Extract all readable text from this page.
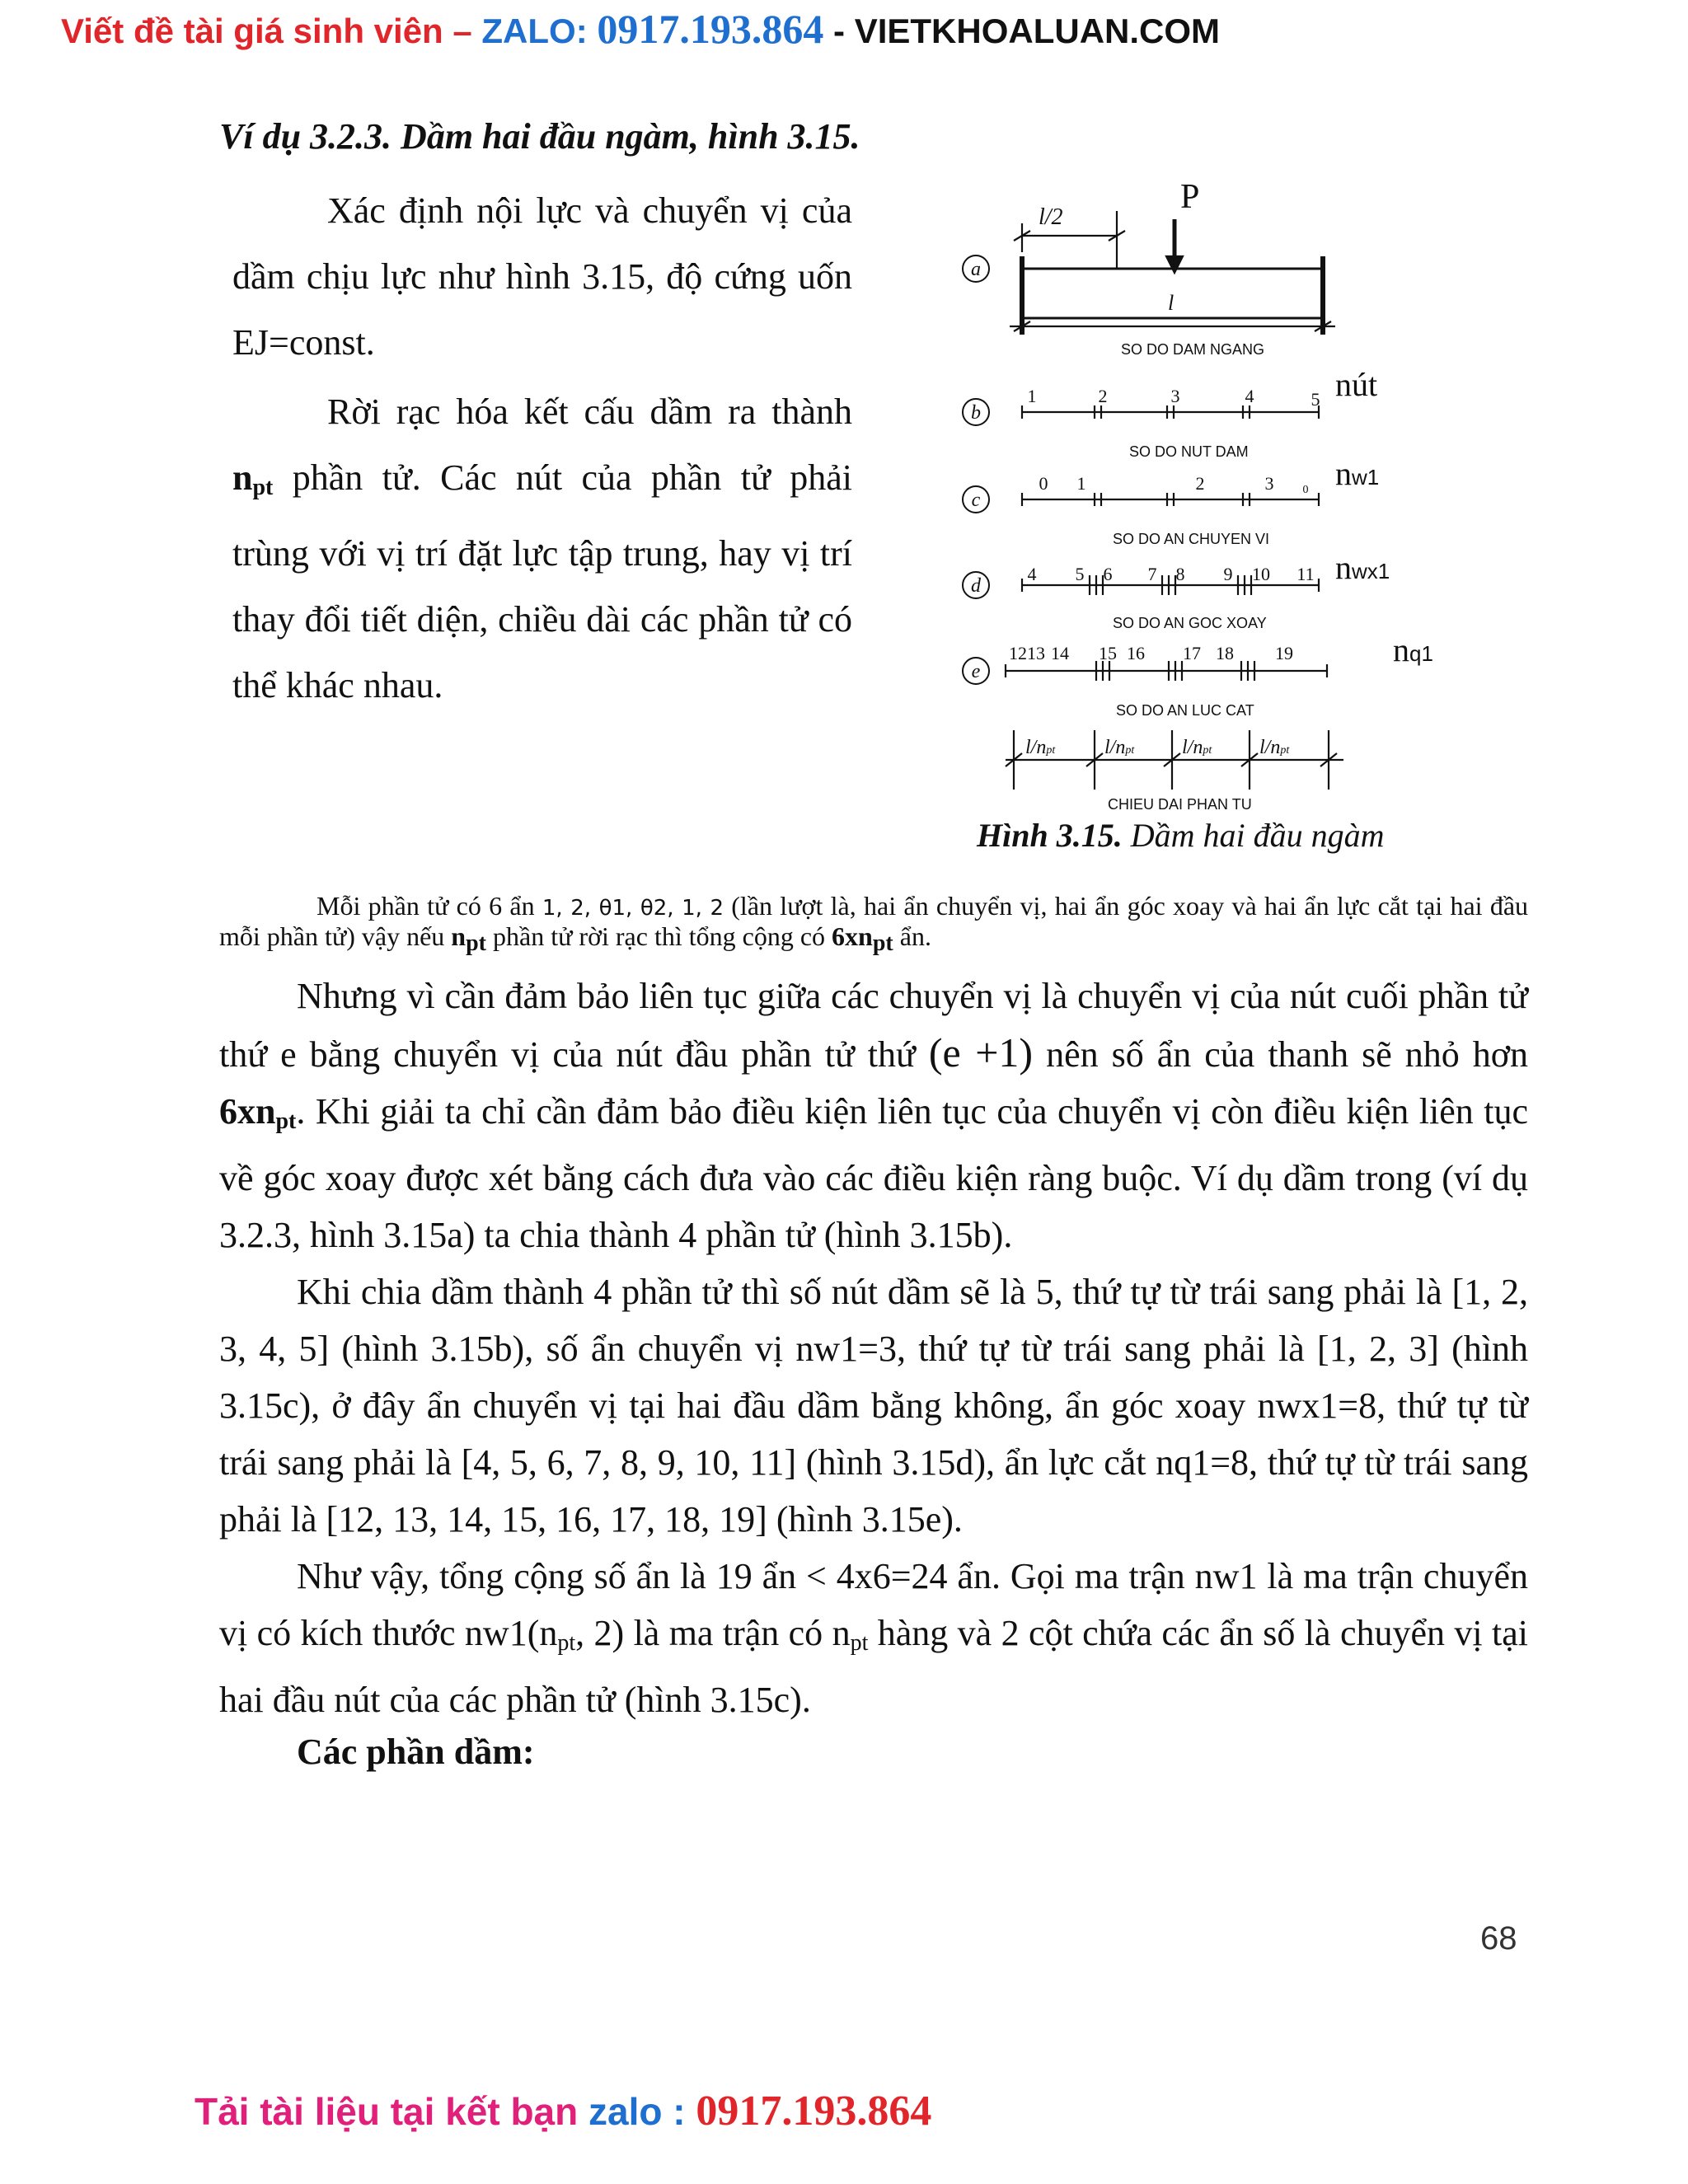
Viết đề tài giá sinh viên – ZALO: 0917.193.864 - VIETKHOALUAN.COM
Ví dụ 3.2.3. Dầm hai đầu ngàm, hình 3.15.

Xác định nội lực và chuyển vị của dầm chịu lực như hình 3.15, độ cứng uốn EJ=const.

Rời rạc hóa kết cấu dầm ra thành $n_{pt}$ phần tử. Các nút của phần tử phải trùng với vị trí đặt lực tập trung, hay vị trí thay đổi tiết diện, chiều dài các phần tử có thể khác nhau.

l/2
P
l
SO DO DAM NGANG
a
b
c
d
e
1	2	3	4	5 nút
SO DO NUT DAM
0 1	2	3	0 nw1
SO DO AN CHUYEN VI
4 5 6 7 8 9 10 11 nwx1
SO DO AN GOC XOAY
1213 14 15 16 17 18 19	nq1
SO DO AN LUC CAT
l/npt l/npt l/npt l/npt
CHIEU DAI PHAN TU
Hình 3.15. Dầm hai đầu ngàm
Mỗi phần tử có 6 ẩn 1, 2, θ1, θ2, 1, 2 (lần lượt là, hai ẩn chuyển vị, hai ẩn góc xoay và hai ẩn lực cắt tại hai đầu mỗi phần tử) vậy nếu npt phần tử rời rạc thì tổng cộng có 6xnpt ẩn.

Nhưng vì cần đảm bảo liên tục giữa các chuyển vị là chuyển vị của nút cuối phần tử thứ e bằng chuyển vị của nút đầu phần tử thứ (e +1) nên số ẩn của thanh sẽ nhỏ hơn $6xn_{pt}$. Khi giải ta chỉ cần đảm bảo điều kiện liên tục của chuyển vị còn điều kiện liên tục về góc xoay được xét bằng cách đưa vào các điều kiện ràng buộc. Ví dụ dầm trong (ví dụ 3.2.3, hình 3.15a) ta chia thành 4 phần tử (hình 3.15b).

Khi chia dầm thành 4 phần tử thì số nút dầm sẽ là 5, thứ tự từ trái sang phải là [1, 2, 3, 4, 5] (hình 3.15b), số ẩn chuyển vị nw1=3, thứ tự từ trái sang phải là [1, 2, 3] (hình 3.15c), ở đây ẩn chuyển vị tại hai đầu dầm bằng không, ẩn góc xoay nwx1=8, thứ tự từ trái sang phải là [4, 5, 6, 7, 8, 9, 10, 11] (hình 3.15d), ẩn lực cắt nq1=8, thứ tự từ trái sang phải là [12, 13, 14, 15, 16, 17, 18, 19] (hình 3.15e).

Như vậy, tổng cộng số ẩn là 19 ẩn < 4x6=24 ẩn. Gọi ma trận nw1 là ma trận chuyển vị có kích thước $nw1(n_{pt}$, 2) là ma trận có $n_{pt}$ hàng và 2 cột chứa các ẩn số là chuyển vị tại hai đầu nút của các phần tử (hình 3.15c).

Các phần dầm:
68
Tải tài liệu tại kết bạn zalo : 0917.193.864
